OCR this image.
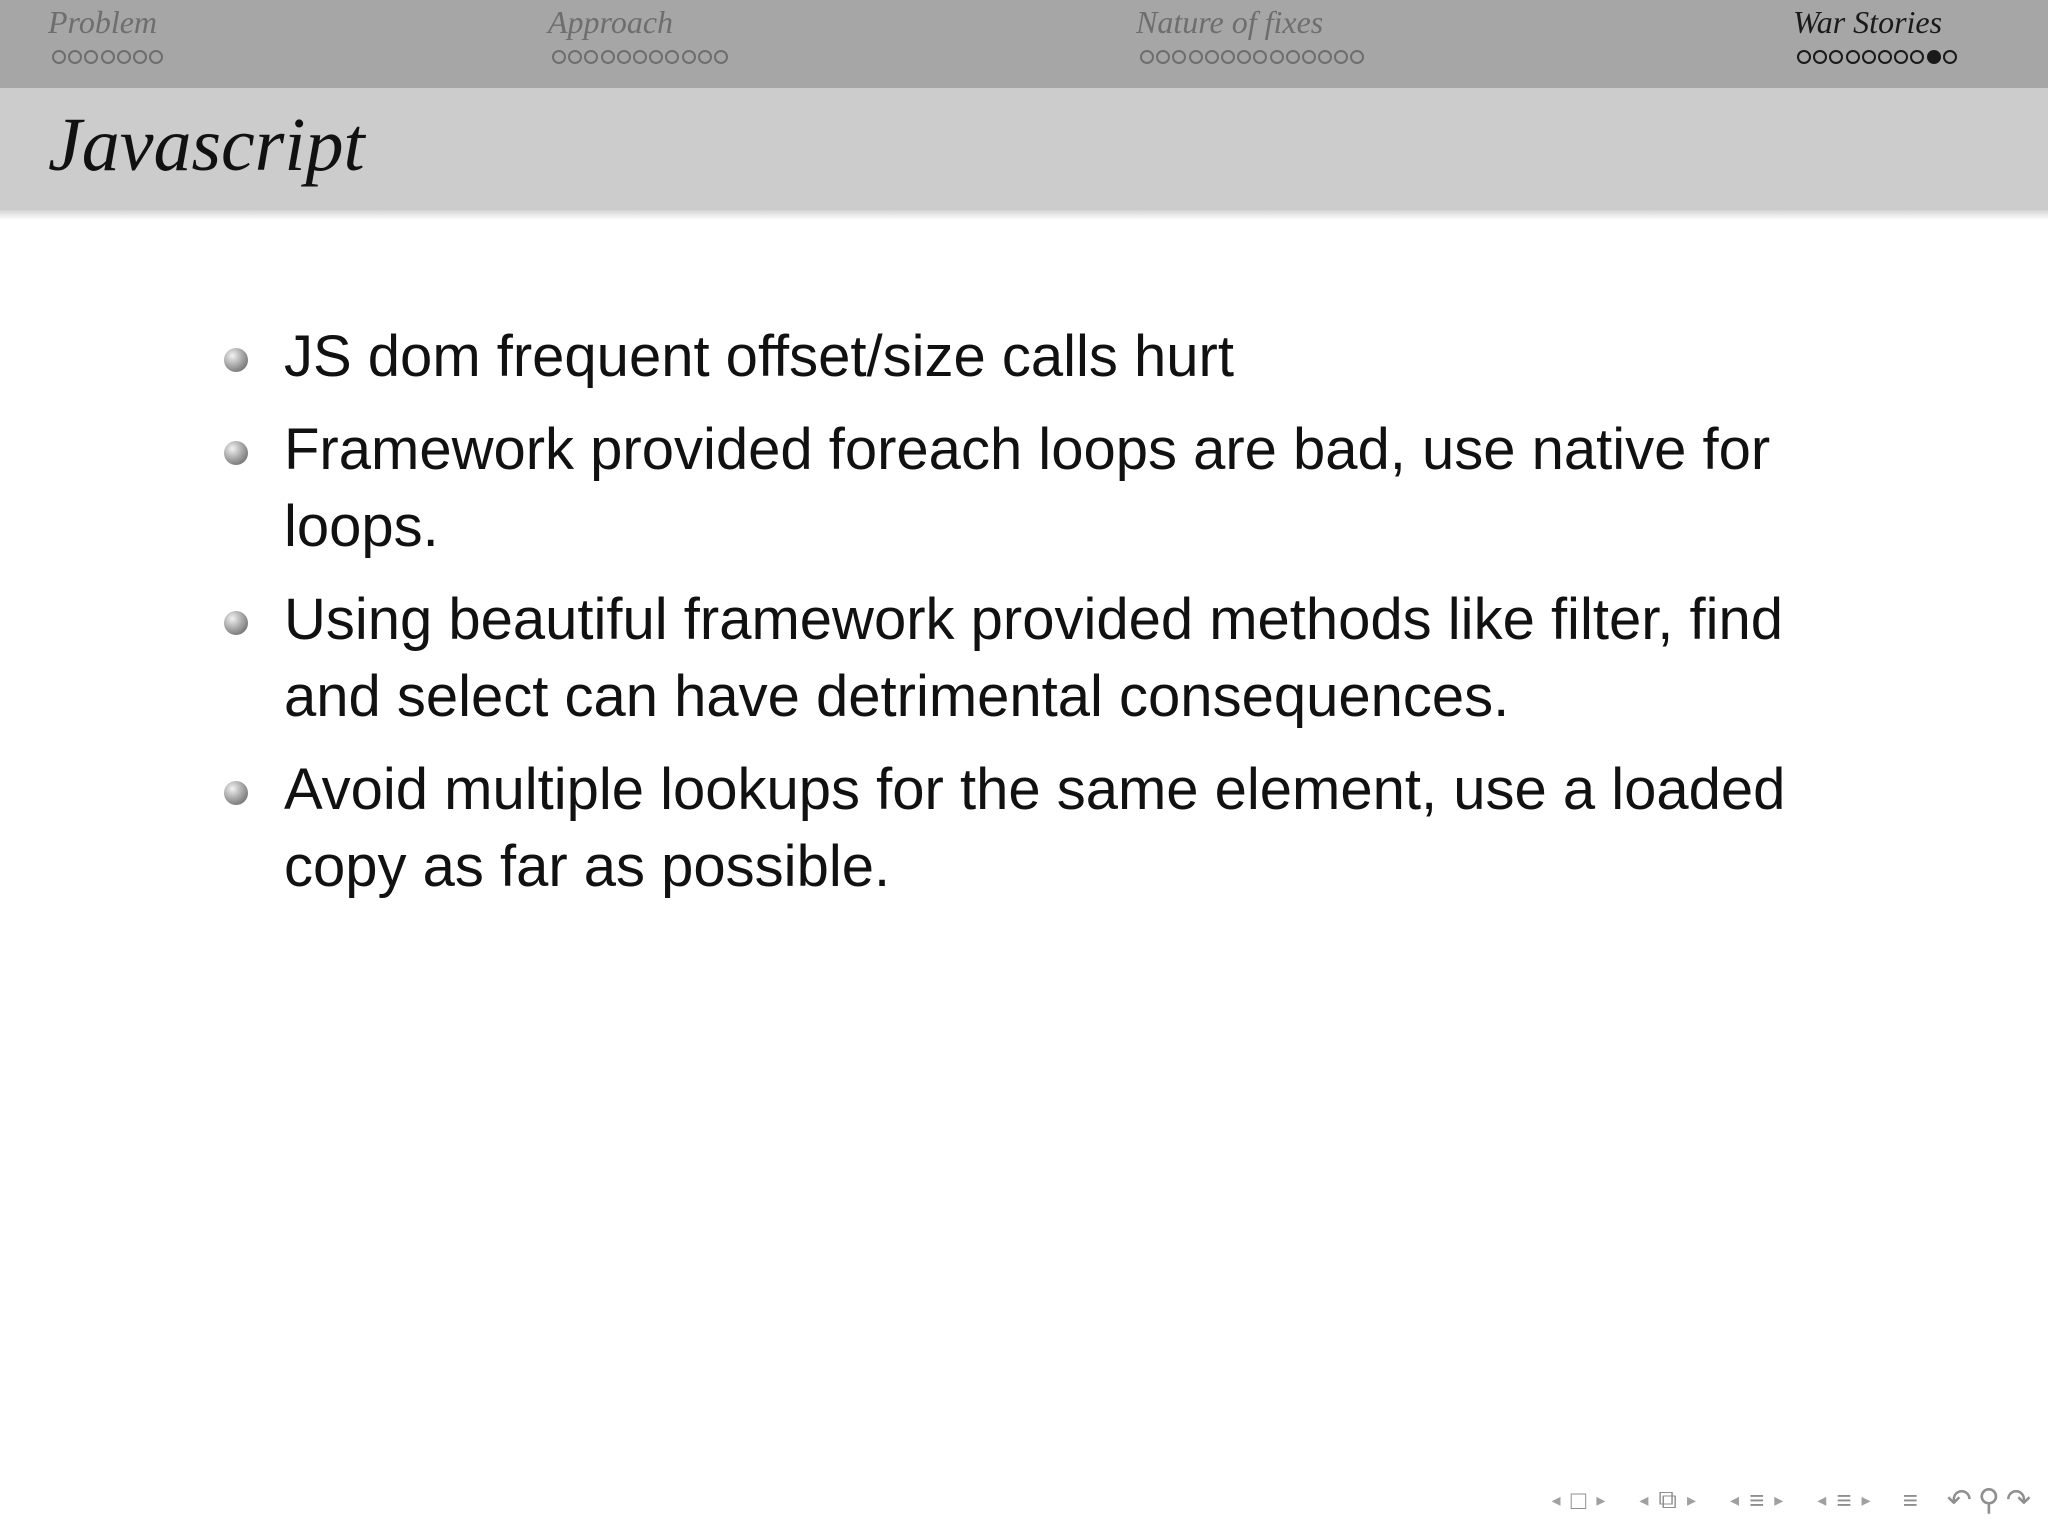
Problem	Approach	Nature of fixes	War Stories
Javascript
JS dom frequent offset/size calls hurt
Framework provided foreach loops are bad, use native for loops.
Using beautiful framework provided methods like filter, find and select can have detrimental consequences.
Avoid multiple lookups for the same element, use a loaded copy as far as possible.
◂ □ ▸ ◂ ⧉ ▸ ◂ ≡ ▸ ◂ ≡ ▸ ≡ ↶ ⚲ ↷
